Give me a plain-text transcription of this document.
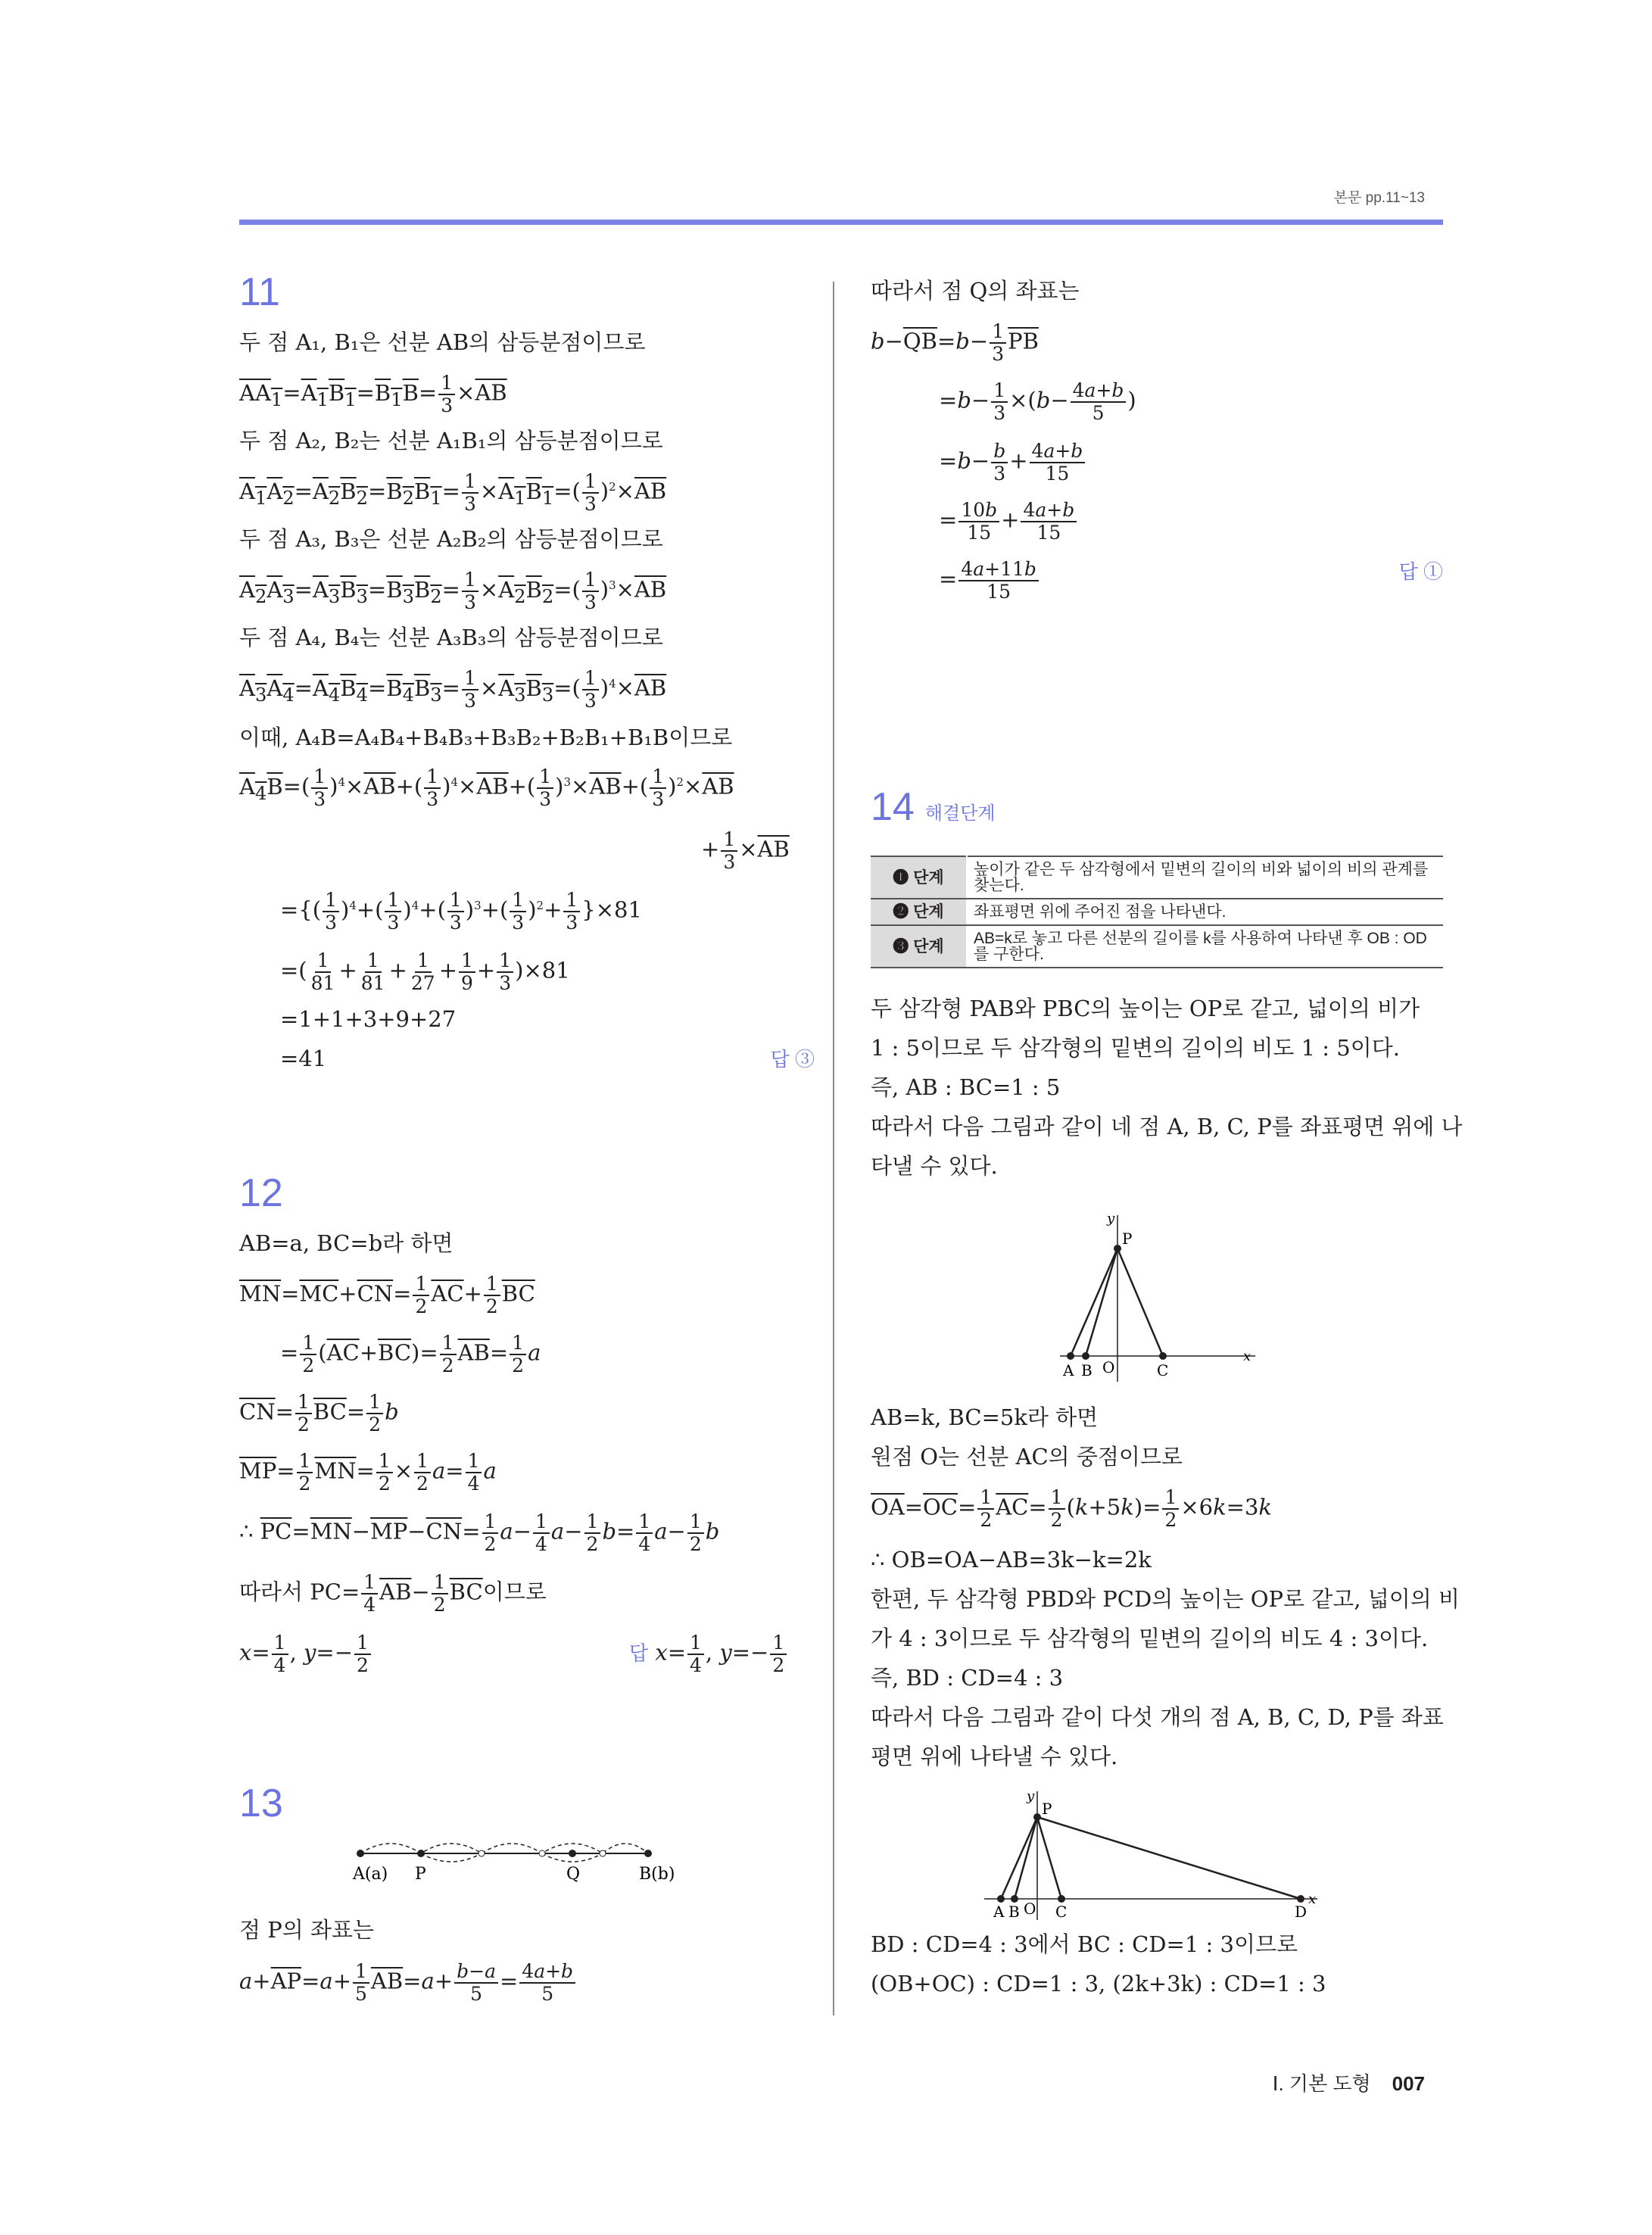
본문 pp.11~13
11
두 점 A₁, B₁은 선분 AB의 삼등분점이므로
$AA_1=A_1B_1=B_1B= \frac{1}{3} \times\overline{AB}$
두 점 A₂, B₂는 선분 A₁B₁의 삼등분점이므로
$A_1A_2=A_2B_2=B_2B_1= \frac{1}{3} \times A_1B_1=( \frac{1}{3} )^2\times\overline{AB}$
두 점 A₃, B₃은 선분 A₂B₂의 삼등분점이므로
$A_2A_3=A_3B_3=B_3B_2= \frac{1}{3} \times A_2B_2=( \frac{1}{3} )^3\times\overline{AB}$
두 점 A₄, B₄는 선분 A₃B₃의 삼등분점이므로
$A_3A_4=A_4B_4=B_4B_3= \frac{1}{3} \times A_3B_3=( \frac{1}{3} )^4\times\overline{AB}$
이때, A₄B=A₄B₄+B₄B₃+B₃B₂+B₂B₁+B₁B이므로
$A_4B=( \frac{1}{3} )^4\times\overline{AB}+( \frac{1}{3} )^4\times\overline{AB}+( \frac{1}{3} )^3\times\overline{AB}+( \frac{1}{3} )^2\times\overline{AB}$
+ $\frac{1}{3} \times\overline{AB}$
={( $\frac{1}{3} )^4+( \frac{1}{3} )^4+( \frac{1}{3} )^3+( \frac{1}{3} )^2+ \frac{1}{3} \}\times 81$
=( $\frac{1}{81} + \frac{1}{81} + \frac{1}{27} + \frac{1}{9} + \frac{1}{3} )\times 81$
=1+1+3+9+27
=41	답 ③
12
AB=a, BC=b라 하면
$\overline{MN}=\overline{MC}+\overline{CN}= \frac{1}{2} \overline{AC}+ \frac{1}{2} \overline{BC}$
= $\frac{1}{2} (\overline{AC}+\overline{BC})= \frac{1}{2} \overline{AB}= \frac{1}{2}$ a
$\overline{CN}= \frac{1}{2} \overline{BC}= \frac{1}{2}$ b
$\overline{MP}= \frac{1}{2} \overline{MN}= \frac{1}{2} \times \frac{1}{2} a= \frac{1}{4}$ a
∴ $\overline{PC}=\overline{MN}-\overline{MP}-\overline{CN}= \frac{1}{2} a- \frac{1}{4} a- \frac{1}{2} b= \frac{1}{4} a- \frac{1}{2}$ b
따라서 $PC= \frac{1}{4} \overline{AB}- \frac{1}{2} \overline{BC}$이므로
$x= \frac{1}{4}$ , $y=- \frac{1}{2}$	답 $x= \frac{1}{4}$ , $y=- \frac{1}{2}$
13
A(a) P	Q	B(b)
점 P의 좌표는
$a+\overline{AP}=a+ \frac{1}{5} \overline{AB}=a+ \frac{b-a}{5} = \frac{4a+b}{5}$
따라서 점 Q의 좌표는
$b-\overline{QB}=b- \frac{1}{3} \overline{PB}$
$=b- \frac{1}{3} \times(b- \frac{4a+b}{5}$ )
$=b- \frac{b}{3} + \frac{4a+b}{15}$
= $\frac{10b}{15} + \frac{4a+b}{15}$
= $\frac{4a+11b}{15}$	답 ①
14 해결단계
❶ 단계	높이가 같은 두 삼각형에서 밑변의 길이의 비와 넓이의 비의 관계를 찾는다.
❷ 단계	좌표평면 위에 주어진 점을 나타낸다.
❸ 단계	AB=k로 놓고 다른 선분의 길이를 k를 사용하여 나타낸 후 OB : OD를 구한다.
두 삼각형 PAB와 PBC의 높이는 OP로 같고, 넓이의 비가
1 : 5이므로 두 삼각형의 밑변의 길이의 비도 1 : 5이다.
즉, AB : BC=1 : 5
따라서 다음 그림과 같이 네 점 A, B, C, P를 좌표평면 위에 나
타낼 수 있다.
y
P
A B O	C
x
AB=k, BC=5k라 하면
원점 O는 선분 AC의 중점이므로
$\overline{OA}=\overline{OC}= \frac{1}{2} \overline{AC}= \frac{1}{2} (k+5k)= \frac{1}{2} \times 6k=3k$
∴ OB=OA−AB=3k−k=2k
한편, 두 삼각형 PBD와 PCD의 높이는 OP로 같고, 넓이의 비
가 4 : 3이므로 두 삼각형의 밑변의 길이의 비도 4 : 3이다.
즉, BD : CD=4 : 3
따라서 다음 그림과 같이 다섯 개의 점 A, B, C, D, P를 좌표
평면 위에 나타낼 수 있다.
y
P
A B O C	D
x
BD : CD=4 : 3에서 BC : CD=1 : 3이므로
(OB+OC) : CD=1 : 3, (2k+3k) : CD=1 : 3
Ⅰ. 기본 도형 007
